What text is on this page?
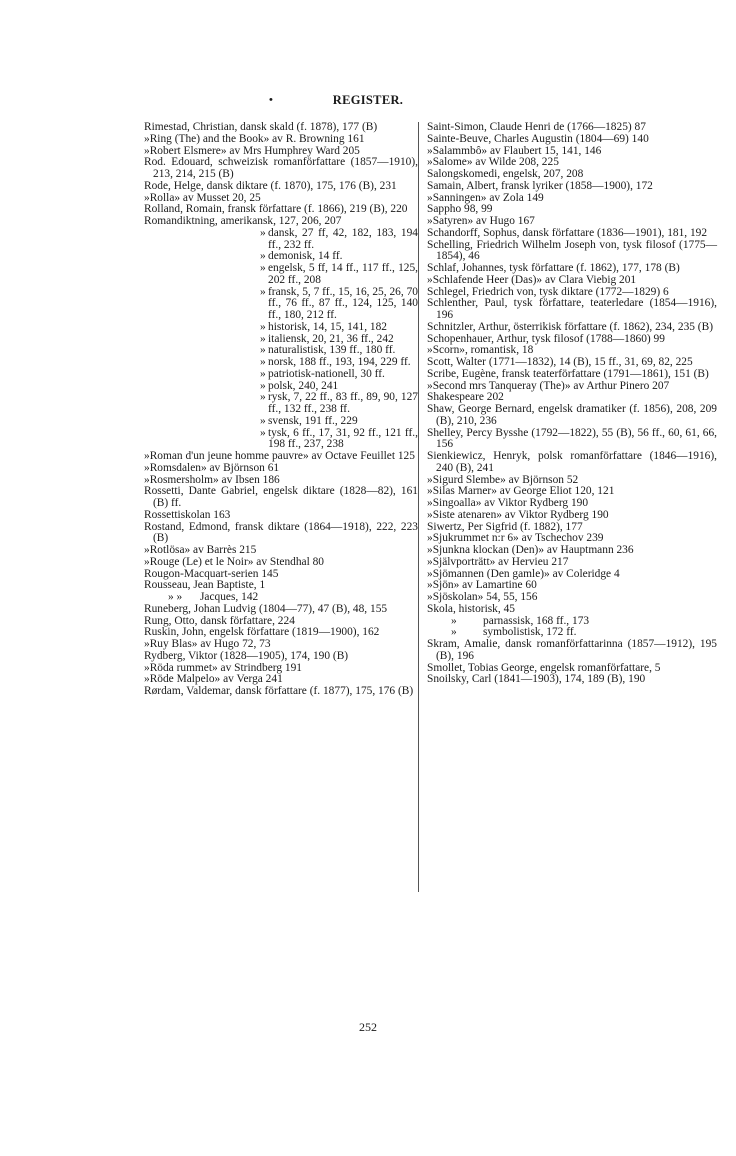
•	REGISTER.
Rimestad, Christian, dansk skald (f. 1878), 177 (B)
»Ring (The) and the Book» av R. Browning 161
»Robert Elsmere» av Mrs Humphrey Ward 205
Rod. Edouard, schweizisk romanförfattare (1857—1910), 213, 214, 215 (B)
Rode, Helge, dansk diktare (f. 1870), 175, 176 (B), 231
»Rolla» av Musset 20, 25
Rolland, Romain, fransk författare (f. 1866), 219 (B), 220
Romandiktning, amerikansk, 127, 206, 207
» dansk, 27 ff, 42, 182, 183, 194 ff., 232 ff.
» demonisk, 14 ff.
» engelsk, 5 ff, 14 ff., 117 ff., 125, 202 ff., 208
» fransk, 5, 7 ff., 15, 16, 25, 26, 70 ff., 76 ff., 87 ff., 124, 125, 140 ff., 180, 212 ff.
» historisk, 14, 15, 141, 182
» italiensk, 20, 21, 36 ff., 242
» naturalistisk, 139 ff., 180 ff.
» norsk, 188 ff., 193, 194, 229 ff.
» patriotisk-nationell, 30 ff.
» polsk, 240, 241
» rysk, 7, 22 ff., 83 ff., 89, 90, 127 ff., 132 ff., 238 ff.
» svensk, 191 ff., 229
» tysk, 6 ff., 17, 31, 92 ff., 121 ff., 198 ff., 237, 238
»Roman d'un jeune homme pauvre» av Octave Feuillet 125
»Romsdalen» av Björnson 61
»Rosmersholm» av Ibsen 186
Rossetti, Dante Gabriel, engelsk diktare (1828—82), 161 (B) ff.
Rossettiskolan 163
Rostand, Edmond, fransk diktare (1864—1918), 222, 223 (B)
»Rotlösa» av Barrès 215
»Rouge (Le) et le Noir» av Stendhal 80
Rougon-Macquart-serien 145
Rousseau, Jean Baptiste, 1
» » Jacques, 142
Runeberg, Johan Ludvig (1804—77), 47 (B), 48, 155
Rung, Otto, dansk författare, 224
Ruskin, John, engelsk författare (1819—1900), 162
»Ruy Blas» av Hugo 72, 73
Rydberg, Viktor (1828—1905), 174, 190 (B)
»Röda rummet» av Strindberg 191
»Röde Malpelo» av Verga 241
Rørdam, Valdemar, dansk författare (f. 1877), 175, 176 (B)
Saint-Simon, Claude Henri de (1766—1825) 87
Sainte-Beuve, Charles Augustin (1804—69) 140
»Salammbô» av Flaubert 15, 141, 146
»Salome» av Wilde 208, 225
Salongskomedi, engelsk, 207, 208
Samain, Albert, fransk lyriker (1858—1900), 172
»Sanningen» av Zola 149
Sappho 98, 99
»Satyren» av Hugo 167
Schandorff, Sophus, dansk författare (1836—1901), 181, 192
Schelling, Friedrich Wilhelm Joseph von, tysk filosof (1775—1854), 46
Schlaf, Johannes, tysk författare (f. 1862), 177, 178 (B)
»Schlafende Heer (Das)» av Clara Viebig 201
Schlegel, Friedrich von, tysk diktare (1772—1829) 6
Schlenther, Paul, tysk författare, teaterledare (1854—1916), 196
Schnitzler, Arthur, österrikisk författare (f. 1862), 234, 235 (B)
Schopenhauer, Arthur, tysk filosof (1788—1860) 99
»Scorn», romantisk, 18
Scott, Walter (1771—1832), 14 (B), 15 ff., 31, 69, 82, 225
Scribe, Eugène, fransk teaterförfattare (1791—1861), 151 (B)
»Second mrs Tanqueray (The)» av Arthur Pinero 207
Shakespeare 202
Shaw, George Bernard, engelsk dramatiker (f. 1856), 208, 209 (B), 210, 236
Shelley, Percy Bysshe (1792—1822), 55 (B), 56 ff., 60, 61, 66, 156
Sienkiewicz, Henryk, polsk romanförfattare (1846—1916), 240 (B), 241
»Sigurd Slembe» av Björnson 52
»Silas Marner» av George Eliot 120, 121
»Singoalla» av Viktor Rydberg 190
»Siste atenaren» av Viktor Rydberg 190
Siwertz, Per Sigfrid (f. 1882), 177
»Sjukrummet n:r 6» av Tschechov 239
»Sjunkna klockan (Den)» av Hauptmann 236
»Självporträtt» av Hervieu 217
»Sjömannen (Den gamle)» av Coleridge 4
»Sjön» av Lamartine 60
»Sjöskolan» 54, 55, 156
Skola, historisk, 45
» parnassisk, 168 ff., 173
» symbolistisk, 172 ff.
Skram, Amalie, dansk romanförfattarinna (1857—1912), 195 (B), 196
Smollet, Tobias George, engelsk romanförfattare, 5
Snoilsky, Carl (1841—1903), 174, 189 (B), 190
252
